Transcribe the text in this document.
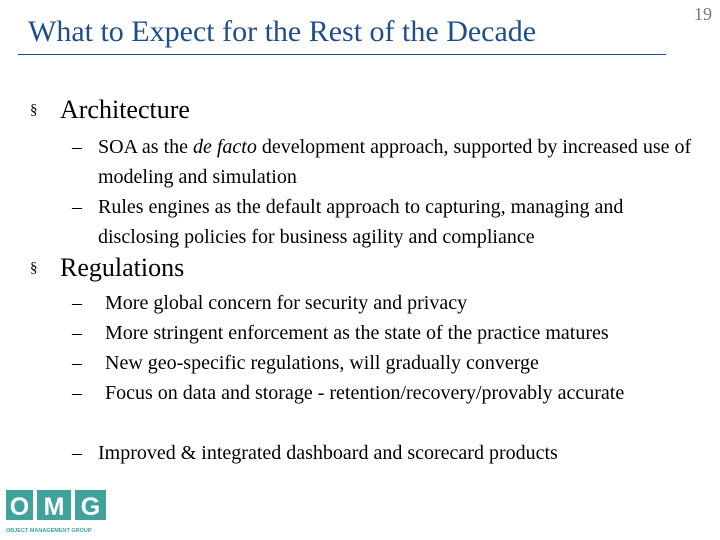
What to Expect for the Rest of the Decade
19
§ Architecture
– SOA as the de facto development approach, supported by increased use of modeling and simulation
– Rules engines as the default approach to capturing, managing and disclosing policies for business agility and compliance
§ Regulations
– More global concern for security and privacy
– More stringent enforcement as the state of the practice matures
– New geo-specific regulations, will gradually converge
– Focus on data and storage - retention/recovery/provably accurate
– Improved & integrated dashboard and scorecard products
O M G
OBJECT MANAGEMENT GROUP
